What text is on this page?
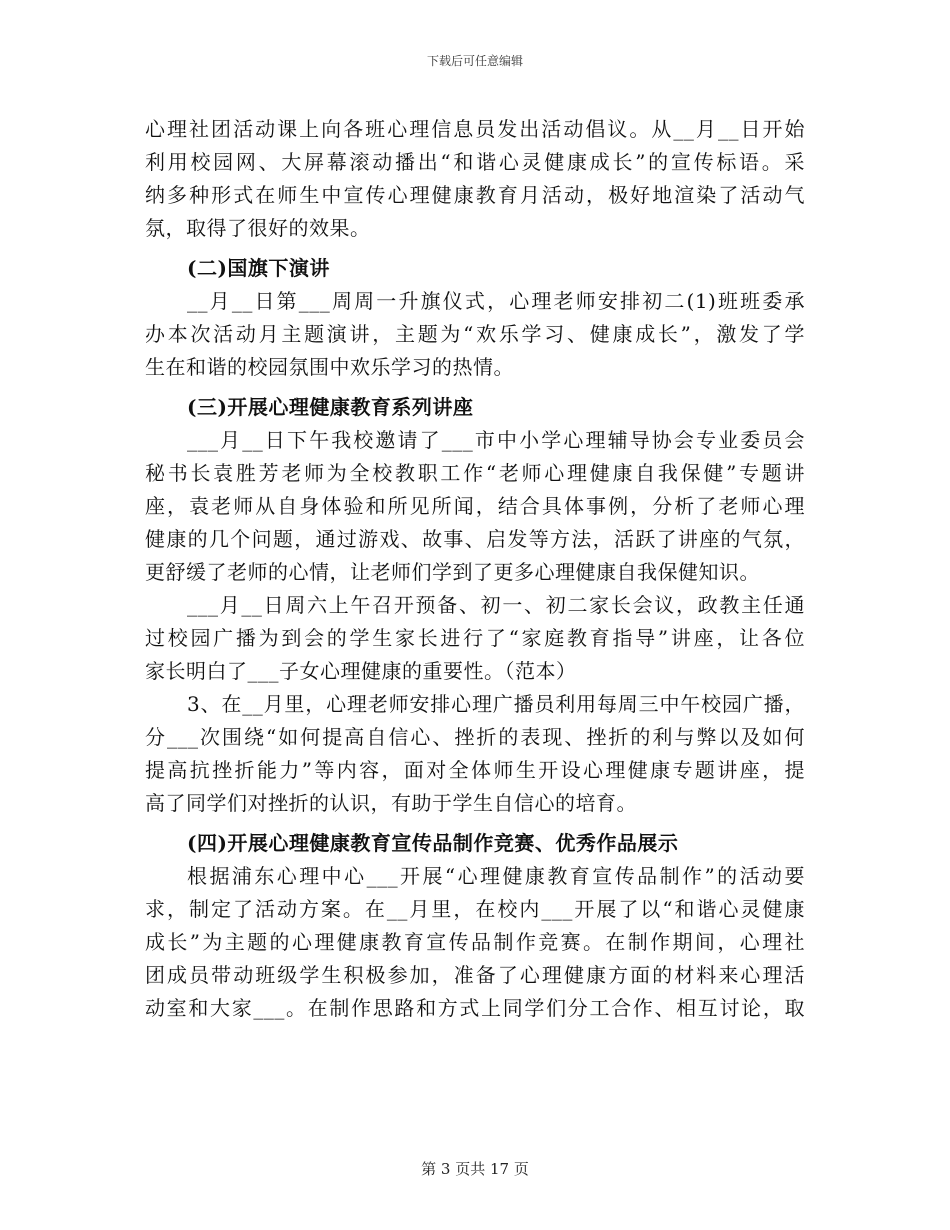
下载后可任意编辑
心理社团活动课上向各班心理信息员发出活动倡议。从__月__日开始
利用校园网、大屏幕滚动播出“和谐心灵健康成长”的宣传标语。采
纳多种形式在师生中宣传心理健康教育月活动，极好地渲染了活动气
氛，取得了很好的效果。
(二)国旗下演讲
__月__日第___周周一升旗仪式，心理老师安排初二(1)班班委承
办本次活动月主题演讲，主题为“欢乐学习、健康成长”，激发了学
生在和谐的校园氛围中欢乐学习的热情。
(三)开展心理健康教育系列讲座
___月__日下午我校邀请了___市中小学心理辅导协会专业委员会
秘书长袁胜芳老师为全校教职工作“老师心理健康自我保健”专题讲
座，袁老师从自身体验和所见所闻，结合具体事例，分析了老师心理
健康的几个问题，通过游戏、故事、启发等方法，活跃了讲座的气氛，
更舒缓了老师的心情，让老师们学到了更多心理健康自我保健知识。
___月__日周六上午召开预备、初一、初二家长会议，政教主任通
过校园广播为到会的学生家长进行了“家庭教育指导”讲座，让各位
家长明白了___子女心理健康的重要性。（范本）
3、在__月里，心理老师安排心理广播员利用每周三中午校园广播，
分___次围绕“如何提高自信心、挫折的表现、挫折的利与弊以及如何
提高抗挫折能力”等内容，面对全体师生开设心理健康专题讲座，提
高了同学们对挫折的认识，有助于学生自信心的培育。
(四)开展心理健康教育宣传品制作竞赛、优秀作品展示
根据浦东心理中心___开展“心理健康教育宣传品制作”的活动要
求，制定了活动方案。在__月里，在校内___开展了以“和谐心灵健康
成长”为主题的心理健康教育宣传品制作竞赛。在制作期间，心理社
团成员带动班级学生积极参加，准备了心理健康方面的材料来心理活
动室和大家___。在制作思路和方式上同学们分工合作、相互讨论，取
第 3 页共 17 页
